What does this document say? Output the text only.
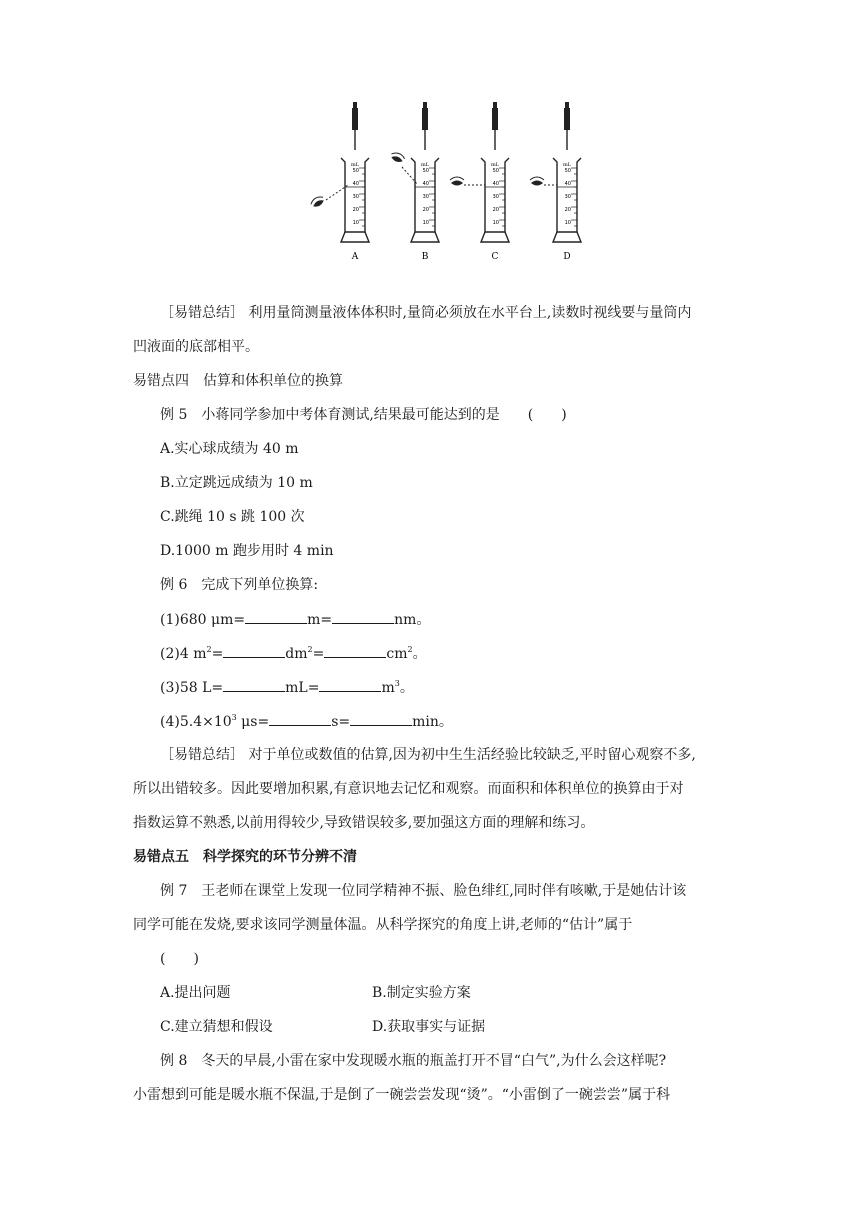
A	B	C	D
mL	mL	mL	mL
50
40
30
20
10
50
40
30
20
10
50
40
30
20
10
50
40
30
20
10
［易错总结］ 利用量筒测量液体体积时,量筒必须放在水平台上,读数时视线要与量筒内
凹液面的底部相平。
易错点四　估算和体积单位的换算
例 5　小蒋同学参加中考体育测试,结果最可能达到的是　　(　　)
A.实心球成绩为 40 m
B.立定跳远成绩为 10 m
C.跳绳 10 s 跳 100 次
D.1000 m 跑步用时 4 min
例 6　完成下列单位换算:
(1)680 μm=	m=	nm。
(2)4 $m^2=$	$dm^2=$	$cm^2$。
(3)58 L=	mL=	$m^3$。
$(4)5.4\times 10^3$ μs=	s=	min。
［易错总结］ 对于单位或数值的估算,因为初中生生活经验比较缺乏,平时留心观察不多,
所以出错较多。因此要增加积累,有意识地去记忆和观察。而面积和体积单位的换算由于对
指数运算不熟悉,以前用得较少,导致错误较多,要加强这方面的理解和练习。
易错点五　科学探究的环节分辨不清
例 7　王老师在课堂上发现一位同学精神不振、脸色绯红,同时伴有咳嗽,于是她估计该
同学可能在发烧,要求该同学测量体温。从科学探究的角度上讲,老师的“估计”属于
(　　)
A.提出问题	B.制定实验方案
C.建立猜想和假设	D.获取事实与证据
例 8　冬天的早晨,小雷在家中发现暖水瓶的瓶盖打开不冒“白气”,为什么会这样呢?
小雷想到可能是暖水瓶不保温,于是倒了一碗尝尝发现“烫”。“小雷倒了一碗尝尝”属于科
